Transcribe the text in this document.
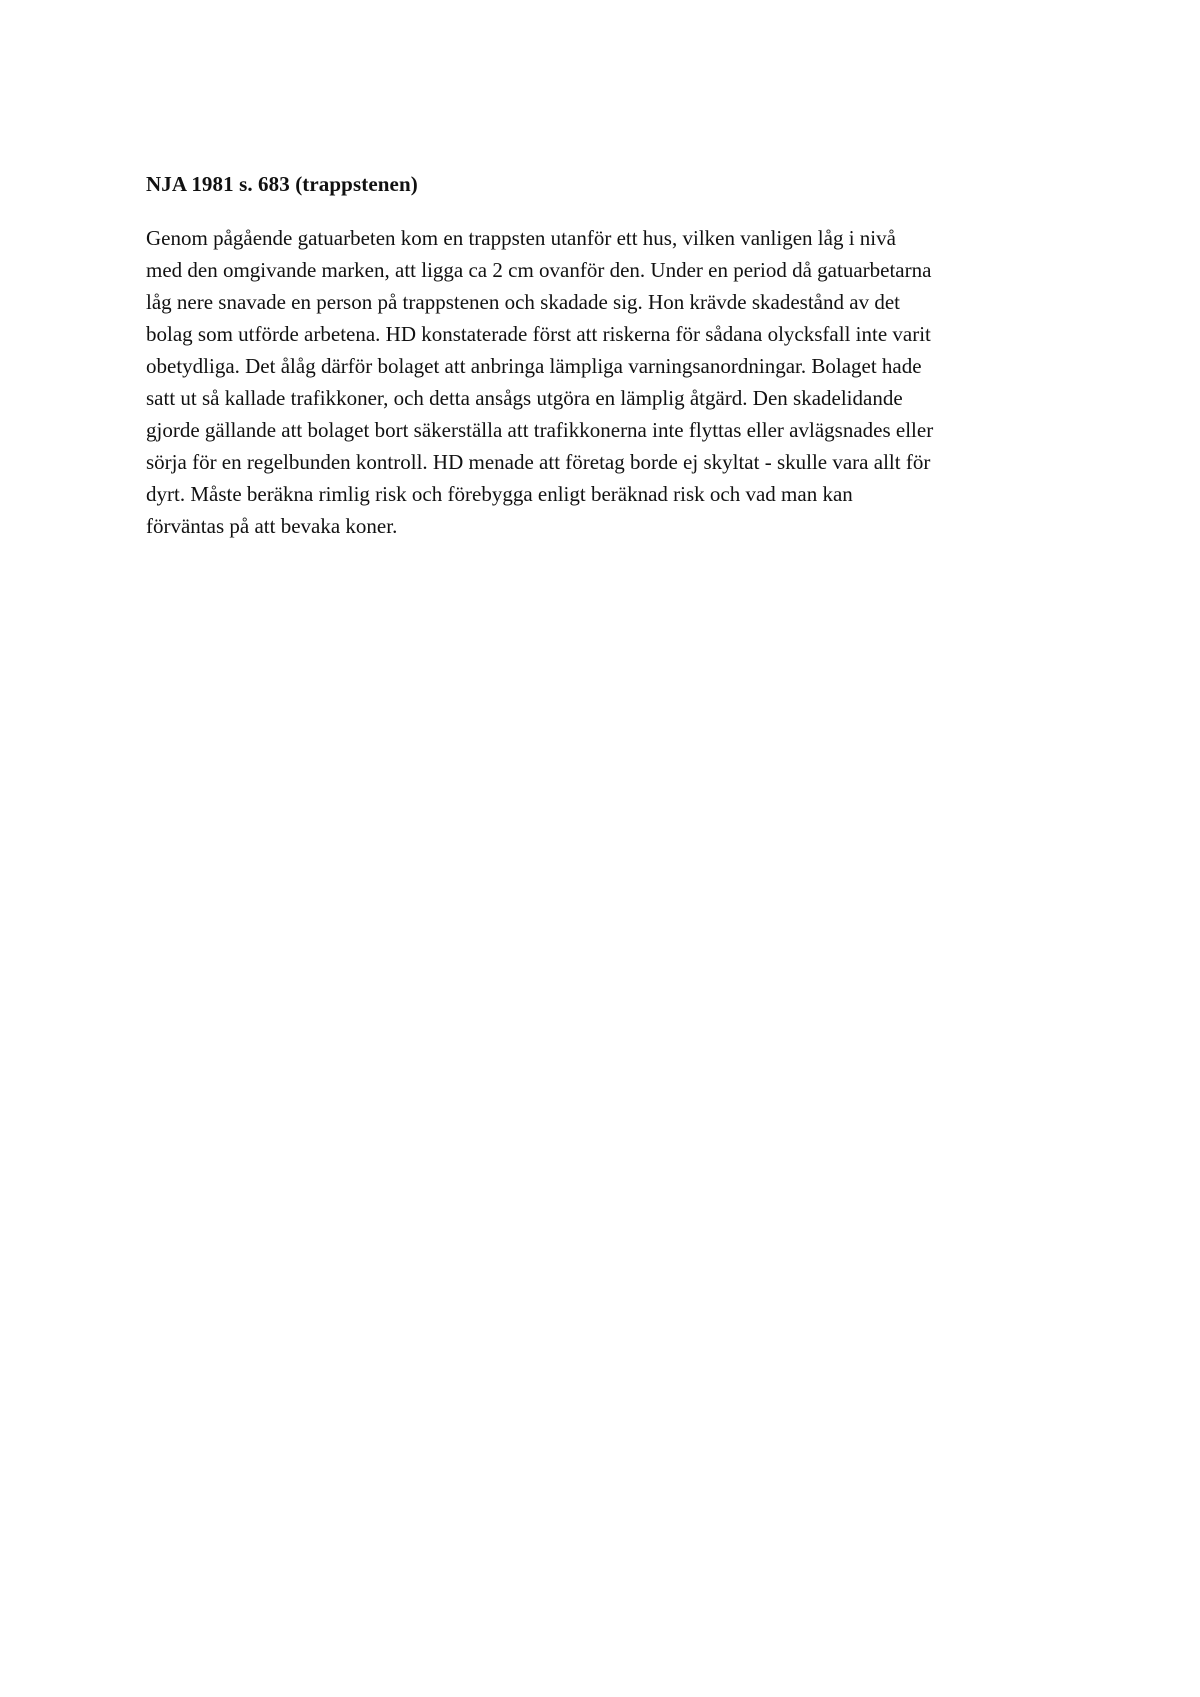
NJA 1981 s. 683 (trappstenen)

Genom pågående gatuarbeten kom en trappsten utanför ett hus, vilken vanligen låg i nivå
med den omgivande marken, att ligga ca 2 cm ovanför den. Under en period då gatuarbetarna
låg nere snavade en person på trappstenen och skadade sig. Hon krävde skadestånd av det
bolag som utförde arbetena. HD konstaterade först att riskerna för sådana olycksfall inte varit
obetydliga. Det ålåg därför bolaget att anbringa lämpliga varningsanordningar. Bolaget hade
satt ut så kallade trafikkoner, och detta ansågs utgöra en lämplig åtgärd. Den skadelidande
gjorde gällande att bolaget bort säkerställa att trafikkonerna inte flyttas eller avlägsnades eller
sörja för en regelbunden kontroll. HD menade att företag borde ej skyltat - skulle vara allt för
dyrt. Måste beräkna rimlig risk och förebygga enligt beräknad risk och vad man kan
förväntas på att bevaka koner.
